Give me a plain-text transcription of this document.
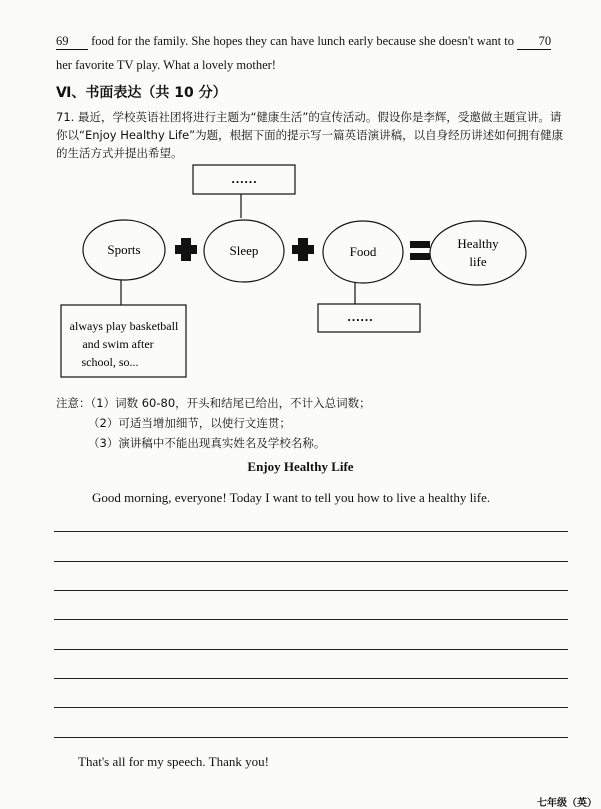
69 food for the family. She hopes they can have lunch early because she doesn't want to 70
her favorite TV play. What a lovely mother!
Ⅵ、书面表达（共 10 分）
71. 最近，学校英语社团将进行主题为“健康生活”的宣传活动。假设你是李辉，受邀做主题宣讲。请你以“Enjoy Healthy Life”为题，根据下面的提示写一篇英语演讲稿，以自身经历讲述如何拥有健康的生活方式并提出希望。
……
Sports	Sleep	Food
Healthy
life
……
always play basketball
and swim after
school, so...
注意：（1）词数 60-80，开头和结尾已给出，不计入总词数；
（2）可适当增加细节，以使行文连贯；
（3）演讲稿中不能出现真实姓名及学校名称。
Enjoy Healthy Life
Good morning, everyone! Today I want to tell you how to live a healthy life.
That's all for my speech. Thank you!
七年级（英）
